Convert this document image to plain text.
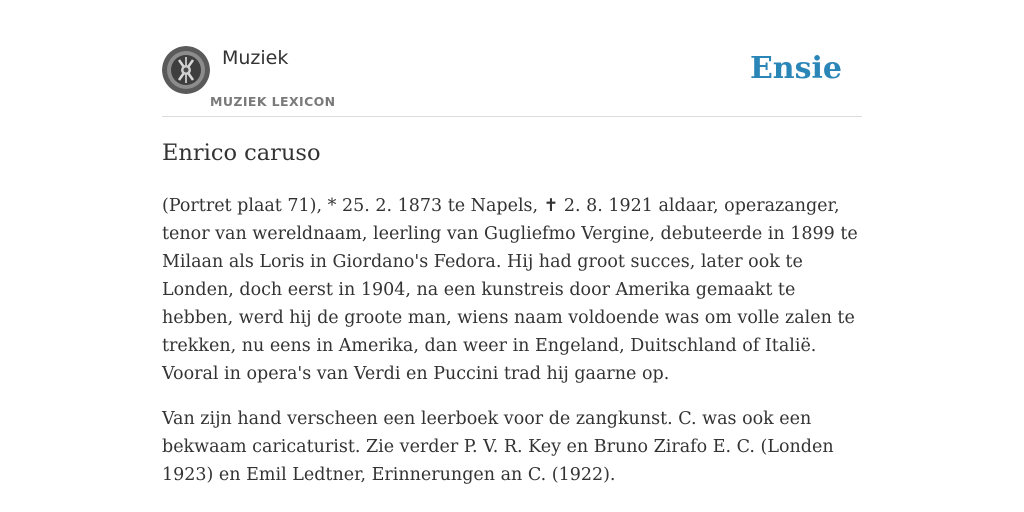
Muziek
MUZIEK LEXICON
Ensie
Enrico caruso

(Portret plaat 71), * 25. 2. 1873 te Napels, ✝ 2. 8. 1921 aldaar, operazanger, tenor van wereldnaam, leerling van Gugliefmo Vergine, debuteerde in 1899 te Milaan als Loris in Giordano's Fedora. Hij had groot succes, later ook te Londen, doch eerst in 1904, na een kunstreis door Amerika gemaakt te hebben, werd hij de groote man, wiens naam voldoende was om volle zalen te trekken, nu eens in Amerika, dan weer in Engeland, Duitschland of Italië. Vooral in opera's van Verdi en Puccini trad hij gaarne op.

Van zijn hand verscheen een leerboek voor de zangkunst. C. was ook een bekwaam caricaturist. Zie verder P. V. R. Key en Bruno Zirafo E. C. (Londen 1923) en Emil Ledtner, Erinnerungen an C. (1922).
